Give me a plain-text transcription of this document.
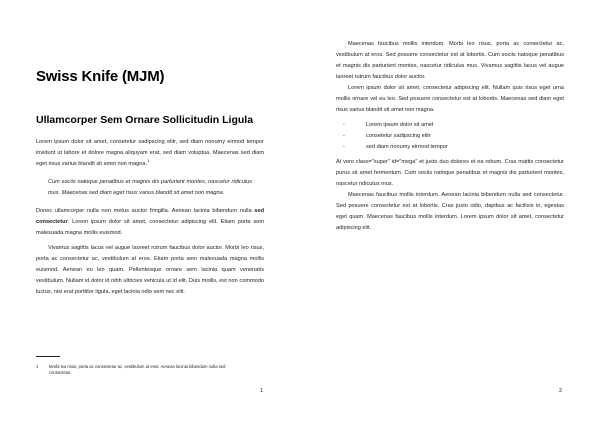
Swiss Knife (MJM)
Ullamcorper Sem Ornare Sollicitudin Ligula

Lorem ipsum dolor sit amet, consetetur sadipscing elitr, sed diam nonumy eirmod tempor invidunt ut labore et dolore magna aliquyam erat, sed diam voluptua. Maecenas sed diam eget risus varius blandit sit amet non magna.$^1$

Cum sociis natoque penatibus et magnis dis parturient montes, nascetur ridiculus mus. Maecenas sed diam eget risus varius blandit sit amet non magna.

Donec ullamcorper nulla non metus auctor fringilla. Aenean lacinia bibendum nulla sed consectetur. Lorem ipsum dolor sit amet, consectetur adipiscing elit. Etiam porta sem malesuada magna mollis euismod.

Vivamus sagittis lacus vel augue laoreet rutrum faucibus dolor auctor. Morbi leo risus, porta ac consectetur ac, vestibulum at eros. Etiam porta sem malesuada magna mollis euismod. Aenean eu leo quam. Pellentesque ornare sem lacinia quam venenatis vestibulum. Nullam id dolor id nibh ultricies vehicula ut id elit. Duis mollis, est non commodo luctus, nisi erat porttitor ligula, eget lacinia odio sem nec elit.

1	Morbi leo risus, porta ac consectetur ac, vestibulum at eros. Aenean lacinia bibendum nulla sed consectetur.
1

Maecenas faucibus mollis interdum. Morbi leo risus, porta ac consectetur ac, vestibulum at eros. Sed posuere consectetur est at lobortis. Cum sociis natoque penatibus et magnis dis parturient montes, nascetur ridiculus mus. Vivamus sagittis lacus vel augue laoreet rutrum faucibus dolor auctor.

Lorem ipsum dolor sit amet, consectetur adipiscing elit. Nullam quis risus eget urna mollis ornare vel eu leo. Sed posuere consectetur est at lobortis. Maecenas sed diam eget risus varius blandit sit amet non magna.

-	Lorem ipsum dolor sit amet
-	consetetur sadipscing elitr
-	sed diam nonumy eirmod tempor

At vero class="super" id="mega" et justo duo dolores et ea rebum. Cras mattis consectetur purus sit amet fermentum. Cum sociis natoque penatibus et magnis dis parturient montes, nascetur ridiculus mus.

Maecenas faucibus mollis interdum. Aenean lacinia bibendum nulla sed consectetur. Sed posuere consectetur est at lobortis. Cras justo odio, dapibus ac facilisis in, egestas eget quam. Maecenas faucibus mollis interdum. Lorem ipsum dolor sit amet, consectetur adipiscing elit.

2
